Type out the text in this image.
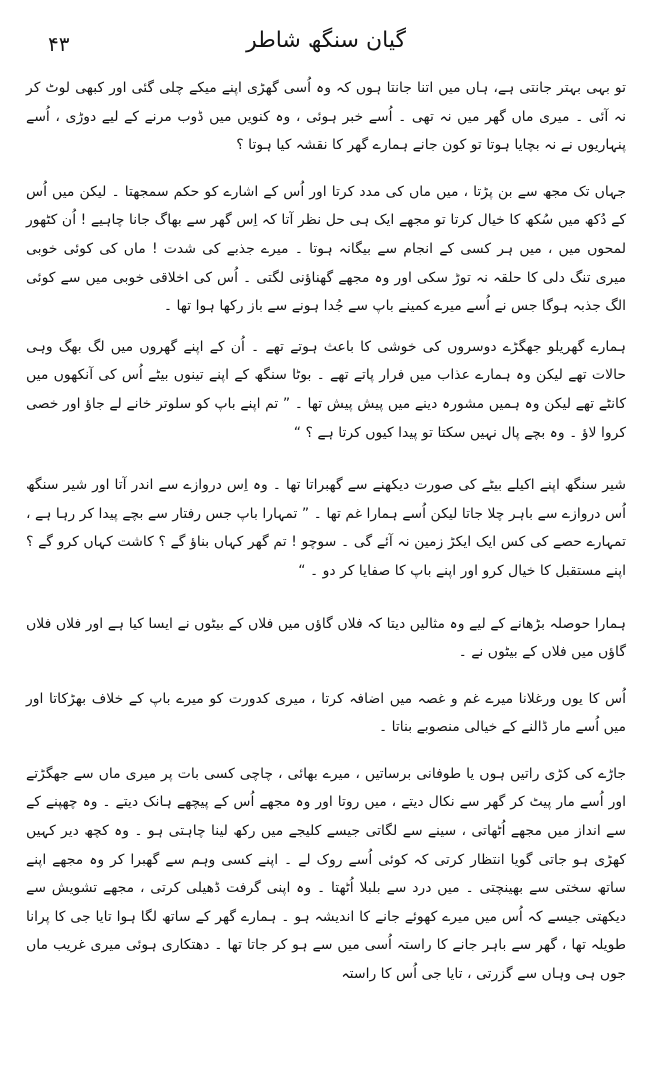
۴۳	گیان سنگھ شاطر

تو بہی بہتر جانتی ہے، ہاں میں اتنا جانتا ہوں کہ وہ اُسی گھڑی اپنے میکے چلی گئی اور کبھی لوٹ کر نہ آئی ۔ میری ماں گھر میں نہ تھی ۔ اُسے خبر ہوئی ، وہ کنویں میں ڈوب مرنے کے لیے دوڑی ، اُسے پنہاریوں نے نہ بچایا ہوتا تو کون جانے ہمارے گھر کا نقشہ کیا ہوتا ؟

جہاں تک مجھ سے بن پڑتا ، میں ماں کی مدد کرتا اور اُس کے اشارے کو حکم سمجھتا ۔ لیکن میں اُس کے دُکھ میں سُکھ کا خیال کرتا تو مجھے ایک ہی حل نظر آتا کہ اِس گھر سے بھاگ جانا چاہیے ! اُن کٹھور لمحوں میں ، میں ہر کسی کے انجام سے بیگانہ ہوتا ۔ میرے جذبے کی شدت ! ماں کی کوئی خوبی میری تنگ دلی کا حلقہ نہ توڑ سکی اور وہ مجھے گھناؤنی لگتی ۔ اُس کی اخلاقی خوبی میں سے کوئی الگ جذبہ ہوگا جس نے اُسے میرے کمینے باپ سے جُدا ہونے سے باز رکھا ہوا تھا ۔

ہمارے گھریلو جھگڑے دوسروں کی خوشی کا باعث ہوتے تھے ۔ اُن کے اپنے گھروں میں لگ بھگ وہی حالات تھے لیکن وہ ہمارے عذاب میں فرار پاتے تھے ۔ بوٹا سنگھ کے اپنے تینوں بیٹے اُس کی آنکھوں میں کانٹے تھے لیکن وہ ہمیں مشورہ دینے میں پیش پیش تھا ۔ ” تم اپنے باپ کو سلوتر خانے لے جاؤ اور خصی کروا لاؤ ۔ وہ بچے پال نہیں سکتا تو پیدا کیوں کرتا ہے ؟ “

شیر سنگھ اپنے اکیلے بیٹے کی صورت دیکھنے سے گھبراتا تھا ۔ وہ اِس دروازے سے اندر آتا اور شیر سنگھ اُس دروازے سے باہر چلا جاتا لیکن اُسے ہمارا غم تھا ۔ ” تمہارا باپ جس رفتار سے بچے پیدا کر رہا ہے ، تمہارے حصے کی کس ایک ایکڑ زمین نہ آئے گی ۔ سوچو ! تم گھر کہاں بناؤ گے ؟ کاشت کہاں کرو گے ؟ اپنے مستقبل کا خیال کرو اور اپنے باپ کا صفایا کر دو ۔ “

ہمارا حوصلہ بڑھانے کے لیے وہ مثالیں دیتا کہ فلاں گاؤں میں فلاں کے بیٹوں نے ایسا کیا ہے اور فلاں فلاں گاؤں میں فلاں کے بیٹوں نے ۔

اُس کا یوں ورغلانا میرے غم و غصہ میں اضافہ کرتا ، میری کدورت کو میرے باپ کے خلاف بھڑکاتا اور میں اُسے مار ڈالنے کے خیالی منصوبے بناتا ۔

جاڑے کی کڑی راتیں ہوں یا طوفانی برساتیں ، میرے بھائی ، چاچی کسی بات پر میری ماں سے جھگڑتے اور اُسے مار پیٹ کر گھر سے نکال دیتے ، میں روتا اور وہ مجھے اُس کے پیچھے ہانک دیتے ۔ وہ چھپنے کے سے انداز میں مجھے اُٹھاتی ، سینے سے لگاتی جیسے کلیجے میں رکھ لینا چاہتی ہو ۔ وہ کچھ دیر کہیں کھڑی ہو جاتی گویا انتظار کرتی کہ کوئی اُسے روک لے ۔ اپنے کسی وہم سے گھبرا کر وہ مجھے اپنے ساتھ سختی سے بھینچتی ۔ میں درد سے بلبلا اُٹھتا ۔ وہ اپنی گرفت ڈھیلی کرتی ، مجھے تشویش سے دیکھتی جیسے کہ اُس میں میرے کھوئے جانے کا اندیشہ ہو ۔ ہمارے گھر کے ساتھ لگا ہوا تایا جی کا پرانا طویلہ تھا ، گھر سے باہر جانے کا راستہ اُسی میں سے ہو کر جاتا تھا ۔ دھتکاری ہوئی میری غریب ماں جوں ہی وہاں سے گزرتی ، تایا جی اُس کا راستہ
